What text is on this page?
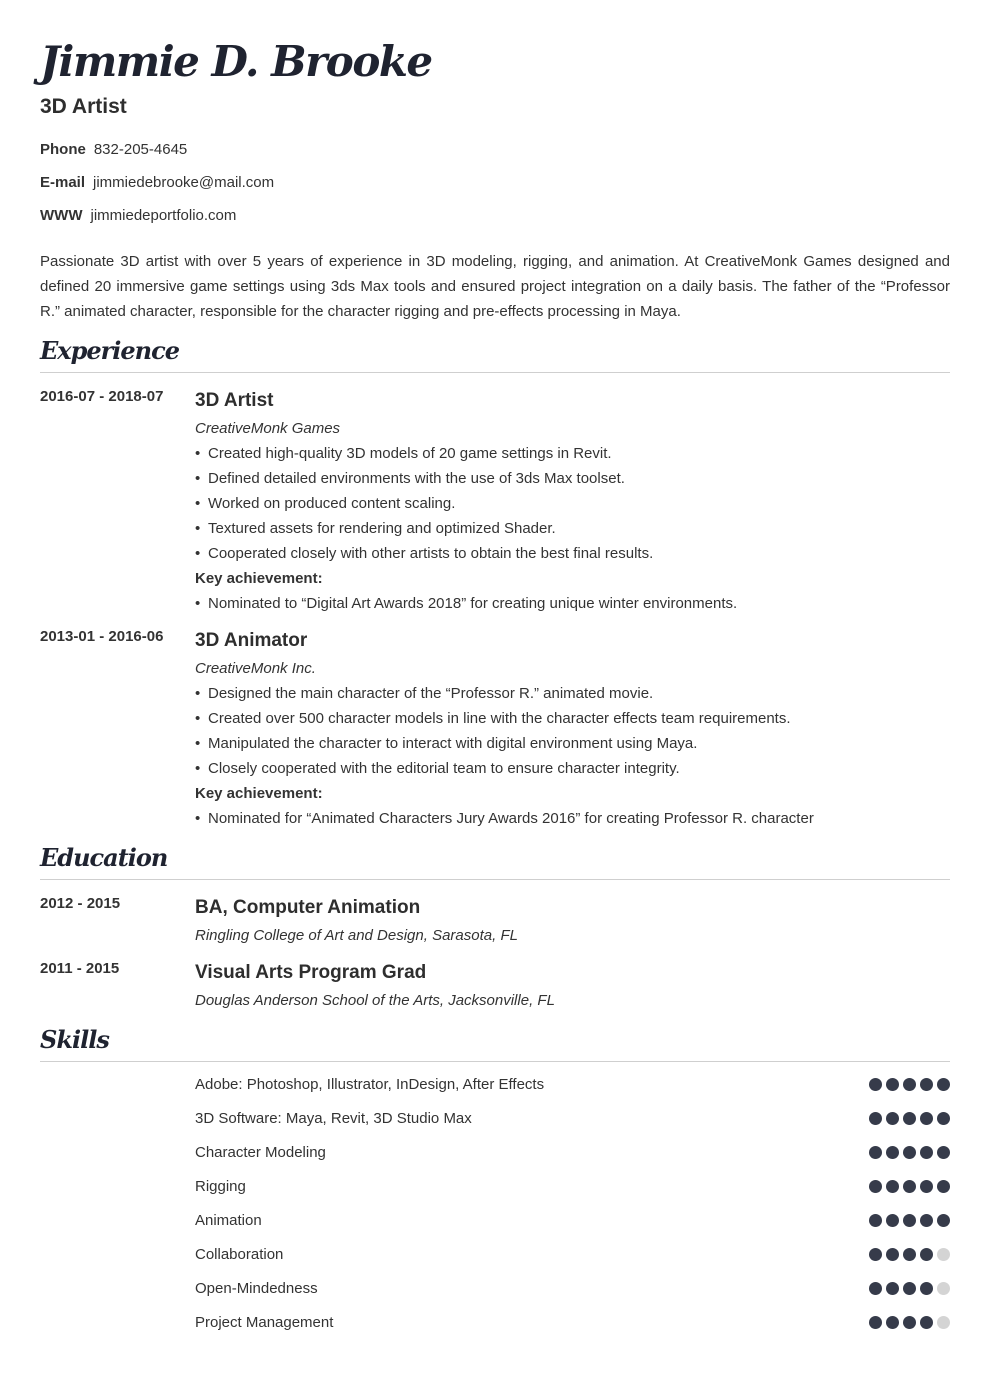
Jimmie D. Brooke
3D Artist
Phone 832-205-4645
E-mail jimmiedebrooke@mail.com
WWW jimmiedeportfolio.com

Passionate 3D artist with over 5 years of experience in 3D modeling, rigging, and animation. At CreativeMonk Games designed and defined 20 immersive game settings using 3ds Max tools and ensured project integration on a daily basis. The father of the “Professor R.” animated character, responsible for the character rigging and pre-effects processing in Maya.

Experience
2016-07 - 2018-07 3D Artist
CreativeMonk Games
• Created high-quality 3D models of 20 game settings in Revit.
• Defined detailed environments with the use of 3ds Max toolset.
• Worked on produced content scaling.
• Textured assets for rendering and optimized Shader.
• Cooperated closely with other artists to obtain the best final results.
Key achievement:
• Nominated to “Digital Art Awards 2018” for creating unique winter environments.
2013-01 - 2016-06 3D Animator
CreativeMonk Inc.
• Designed the main character of the “Professor R.” animated movie.
• Created over 500 character models in line with the character effects team requirements.
• Manipulated the character to interact with digital environment using Maya.
• Closely cooperated with the editorial team to ensure character integrity.
Key achievement:
• Nominated for “Animated Characters Jury Awards 2016” for creating Professor R. character
Education
2012 - 2015	BA, Computer Animation
Ringling College of Art and Design, Sarasota, FL
2011 - 2015	Visual Arts Program Grad
Douglas Anderson School of the Arts, Jacksonville, FL
Skills
Adobe: Photoshop, Illustrator, InDesign, After Effects
3D Software: Maya, Revit, 3D Studio Max
Character Modeling
Rigging
Animation
Collaboration
Open-Mindedness
Project Management
